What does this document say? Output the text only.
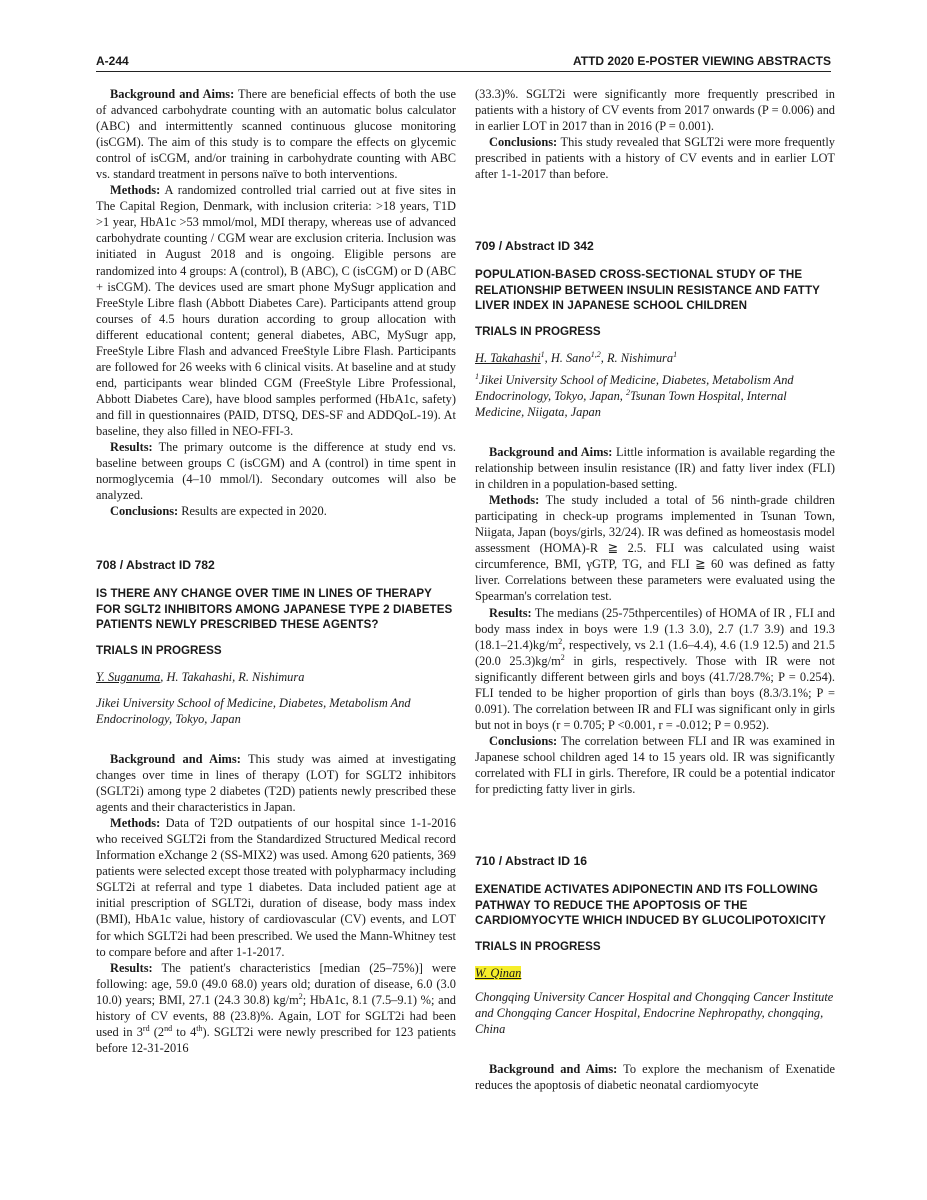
A-244	ATTD 2020 E-POSTER VIEWING ABSTRACTS

Background and Aims: There are beneficial effects of both the use of advanced carbohydrate counting with an automatic bolus calculator (ABC) and intermittently scanned continuous glucose monitoring (isCGM). The aim of this study is to compare the effects on glycemic control of isCGM, and/or training in carbohydrate counting with ABC vs. standard treatment in persons naïve to both interventions.

Methods: A randomized controlled trial carried out at five sites in The Capital Region, Denmark, with inclusion criteria: >18 years, T1D >1 year, HbA1c >53 mmol/mol, MDI therapy, whereas use of advanced carbohydrate counting / CGM wear are exclusion criteria. Inclusion was initiated in August 2018 and is ongoing. Eligible persons are randomized into 4 groups: A (control), B (ABC), C (isCGM) or D (ABC + isCGM). The devices used are smart phone MySugr application and FreeStyle Libre flash (Abbott Diabetes Care). Participants attend group courses of 4.5 hours duration according to group allocation with different educational content; general diabetes, ABC, MySugr app, FreeStyle Libre Flash and advanced FreeStyle Libre Flash. Participants are followed for 26 weeks with 6 clinical visits. At baseline and at study end, participants wear blinded CGM (FreeStyle Libre Professional, Abbott Diabetes Care), have blood samples performed (HbA1c, safety) and fill in questionnaires (PAID, DTSQ, DES-SF and ADDQoL-19). At baseline, they also filled in NEO-FFI-3.

Results: The primary outcome is the difference at study end vs. baseline between groups C (isCGM) and A (control) in time spent in normoglycemia (4–10 mmol/l). Secondary outcomes will also be analyzed.

Conclusions: Results are expected in 2020.

708 / Abstract ID 782
IS THERE ANY CHANGE OVER TIME IN LINES OF THERAPY FOR SGLT2 INHIBITORS AMONG JAPANESE TYPE 2 DIABETES PATIENTS NEWLY PRESCRIBED THESE AGENTS?
TRIALS IN PROGRESS
Y. Suganuma, H. Takahashi, R. Nishimura
Jikei University School of Medicine, Diabetes, Metabolism And Endocrinology, Tokyo, Japan

Background and Aims: This study was aimed at investigating changes over time in lines of therapy (LOT) for SGLT2 inhibitors (SGLT2i) among type 2 diabetes (T2D) patients newly prescribed these agents and their characteristics in Japan.

Methods: Data of T2D outpatients of our hospital since 1-1-2016 who received SGLT2i from the Standardized Structured Medical record Information eXchange 2 (SS-MIX2) was used. Among 620 patients, 369 patients were selected except those treated with polypharmacy including SGLT2i at referral and type 1 diabetes. Data included patient age at initial prescription of SGLT2i, duration of disease, body mass index (BMI), HbA1c value, history of cardiovascular (CV) events, and LOT for which SGLT2i had been prescribed. We used the Mann-Whitney test to compare before and after 1-1-2017.

Results: The patient's characteristics [median (25–75%)] were following: age, 59.0 (49.0 68.0) years old; duration of disease, 6.0 (3.0 10.0) years; BMI, 27.1 (24.3 30.8) $kg/m^2$; HbA1c, 8.1 (7.5–9.1) %; and history of CV events, 88 (23.8)%. Again, LOT for SGLT2i had been used in 3rd (2nd to 4th). SGLT2i were newly prescribed for 123 patients before 12-31-2016

(33.3)%. SGLT2i were significantly more frequently prescribed in patients with a history of CV events from 2017 onwards (P = 0.006) and in earlier LOT in 2017 than in 2016 (P = 0.001).

Conclusions: This study revealed that SGLT2i were more frequently prescribed in patients with a history of CV events and in earlier LOT after 1-1-2017 than before.

709 / Abstract ID 342
POPULATION-BASED CROSS-SECTIONAL STUDY OF THE RELATIONSHIP BETWEEN INSULIN RESISTANCE AND FATTY LIVER INDEX IN JAPANESE SCHOOL CHILDREN
TRIALS IN PROGRESS
H. Takahashi$^1$, H. Sano$^{1,2}$, R. Nishimura$^1$
$^1$Jikei University School of Medicine, Diabetes, Metabolism And Endocrinology, Tokyo, Japan, $^2$Tsunan Town Hospital, Internal Medicine, Niigata, Japan

Background and Aims: Little information is available regarding the relationship between insulin resistance (IR) and fatty liver index (FLI) in children in a population-based setting.

Methods: The study included a total of 56 ninth-grade children participating in check-up programs implemented in Tsunan Town, Niigata, Japan (boys/girls, 32/24). IR was defined as homeostasis model assessment (HOMA)-R ≧ 2.5. FLI was calculated using waist circumference, BMI, γGTP, TG, and FLI ≧ 60 was defined as fatty liver. Correlations between these parameters were evaluated using the Spearman's correlation test.

Results: The medians (25-75thpercentiles) of HOMA of IR , FLI and body mass index in boys were 1.9 (1.3 3.0), 2.7 (1.7 3.9) and 19.3 $(18.1-21.4)kg/m^2$, respectively, vs 2.1 (1.6–4.4), 4.6 (1.9 12.5) and 21.5 (20.0 $25.3)kg/m^2$ in girls, respectively. Those with IR were not significantly different between girls and boys (41.7/28.7%; P = 0.254). FLI tended to be higher proportion of girls than boys (8.3/3.1%; P = 0.091). The correlation between IR and FLI was significant only in girls but not in boys (r = 0.705; P <0.001, r = -0.012; P = 0.952).

Conclusions: The correlation between FLI and IR was examined in Japanese school children aged 14 to 15 years old. IR was significantly correlated with FLI in girls. Therefore, IR could be a potential indicator for predicting fatty liver in girls.

710 / Abstract ID 16
EXENATIDE ACTIVATES ADIPONECTIN AND ITS FOLLOWING PATHWAY TO REDUCE THE APOPTOSIS OF THE CARDIOMYOCYTE WHICH INDUCED BY GLUCOLIPOTOXICITY
TRIALS IN PROGRESS
W. Qinan
Chongqing University Cancer Hospital and Chongqing Cancer Institute and Chongqing Cancer Hospital, Endocrine Nephropathy, chongqing, China

Background and Aims: To explore the mechanism of Exenatide reduces the apoptosis of diabetic neonatal cardiomyocyte
